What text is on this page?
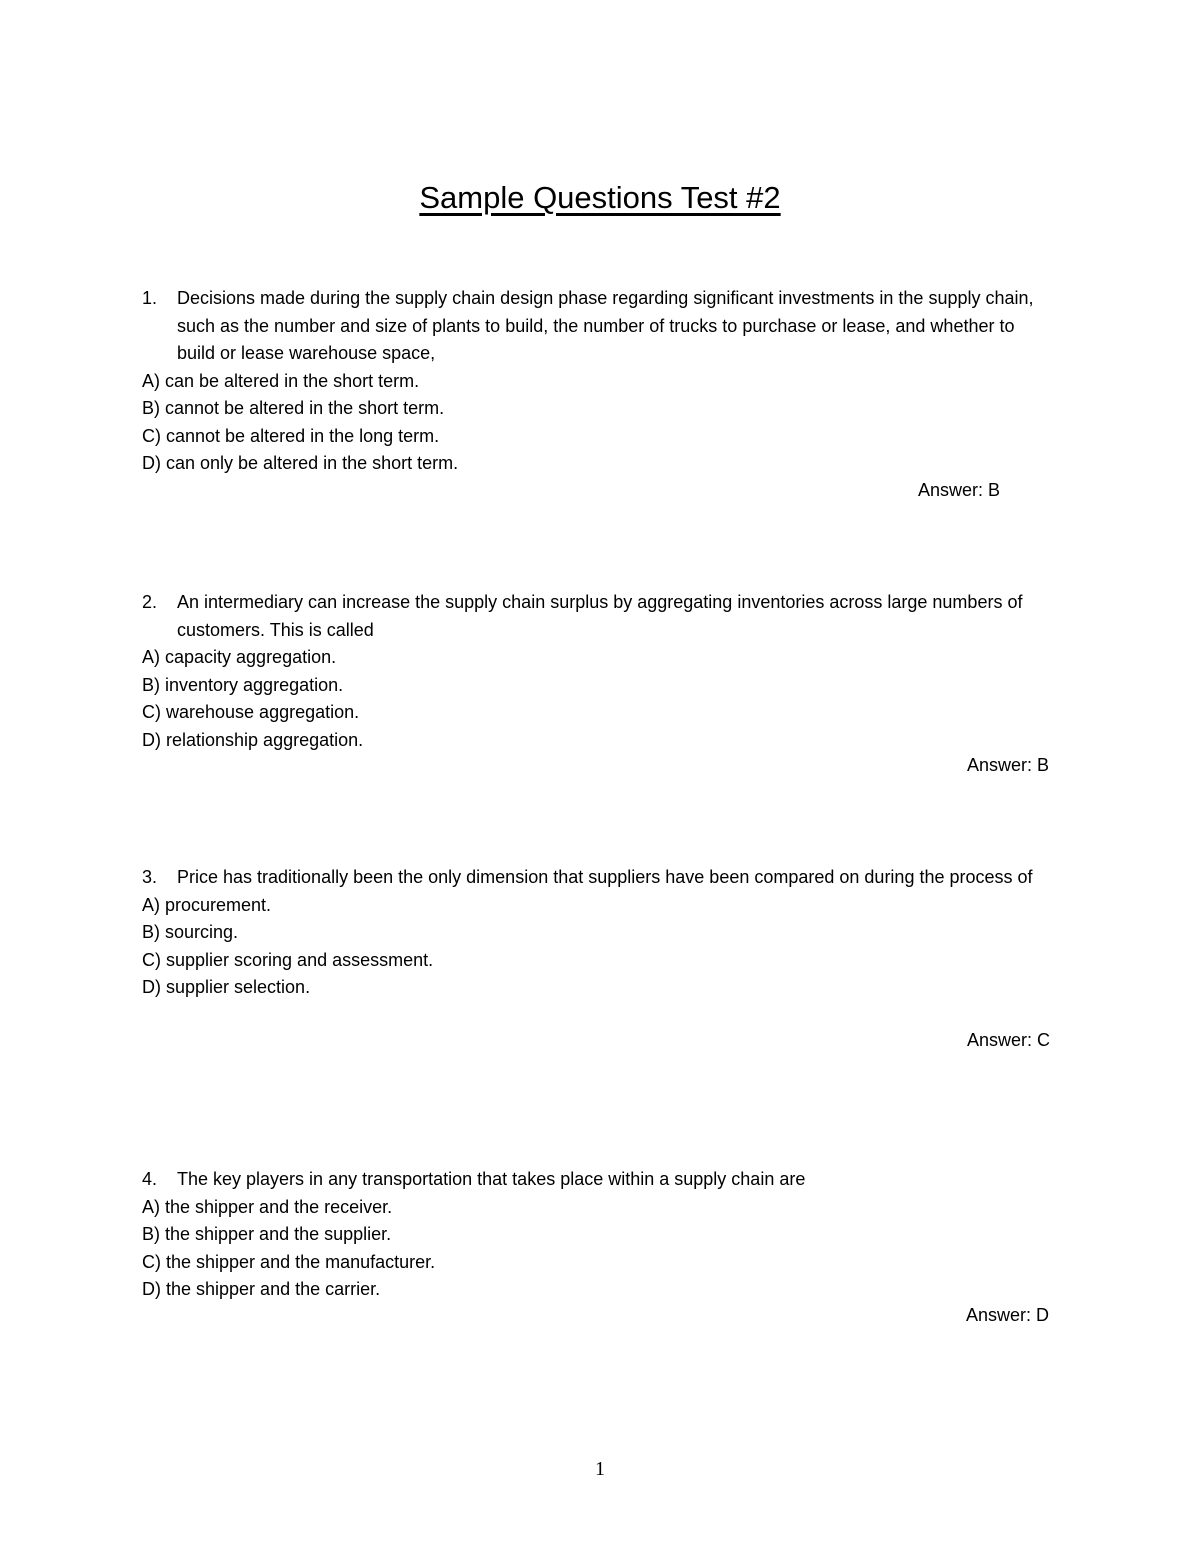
Sample Questions Test #2
1. Decisions made during the supply chain design phase regarding significant investments in the supply chain, such as the number and size of plants to build, the number of trucks to purchase or lease, and whether to build or lease warehouse space,
A) can be altered in the short term.
B) cannot be altered in the short term.
C) cannot be altered in the long term.
D) can only be altered in the short term.
Answer: B
2. An intermediary can increase the supply chain surplus by aggregating inventories across large numbers of customers. This is called
A) capacity aggregation.
B) inventory aggregation.
C) warehouse aggregation.
D) relationship aggregation.
Answer: B
3. Price has traditionally been the only dimension that suppliers have been compared on during the process of
A) procurement.
B) sourcing.
C) supplier scoring and assessment.
D) supplier selection.
Answer: C
4. The key players in any transportation that takes place within a supply chain are
A) the shipper and the receiver.
B) the shipper and the supplier.
C) the shipper and the manufacturer.
D) the shipper and the carrier.
Answer: D
1
